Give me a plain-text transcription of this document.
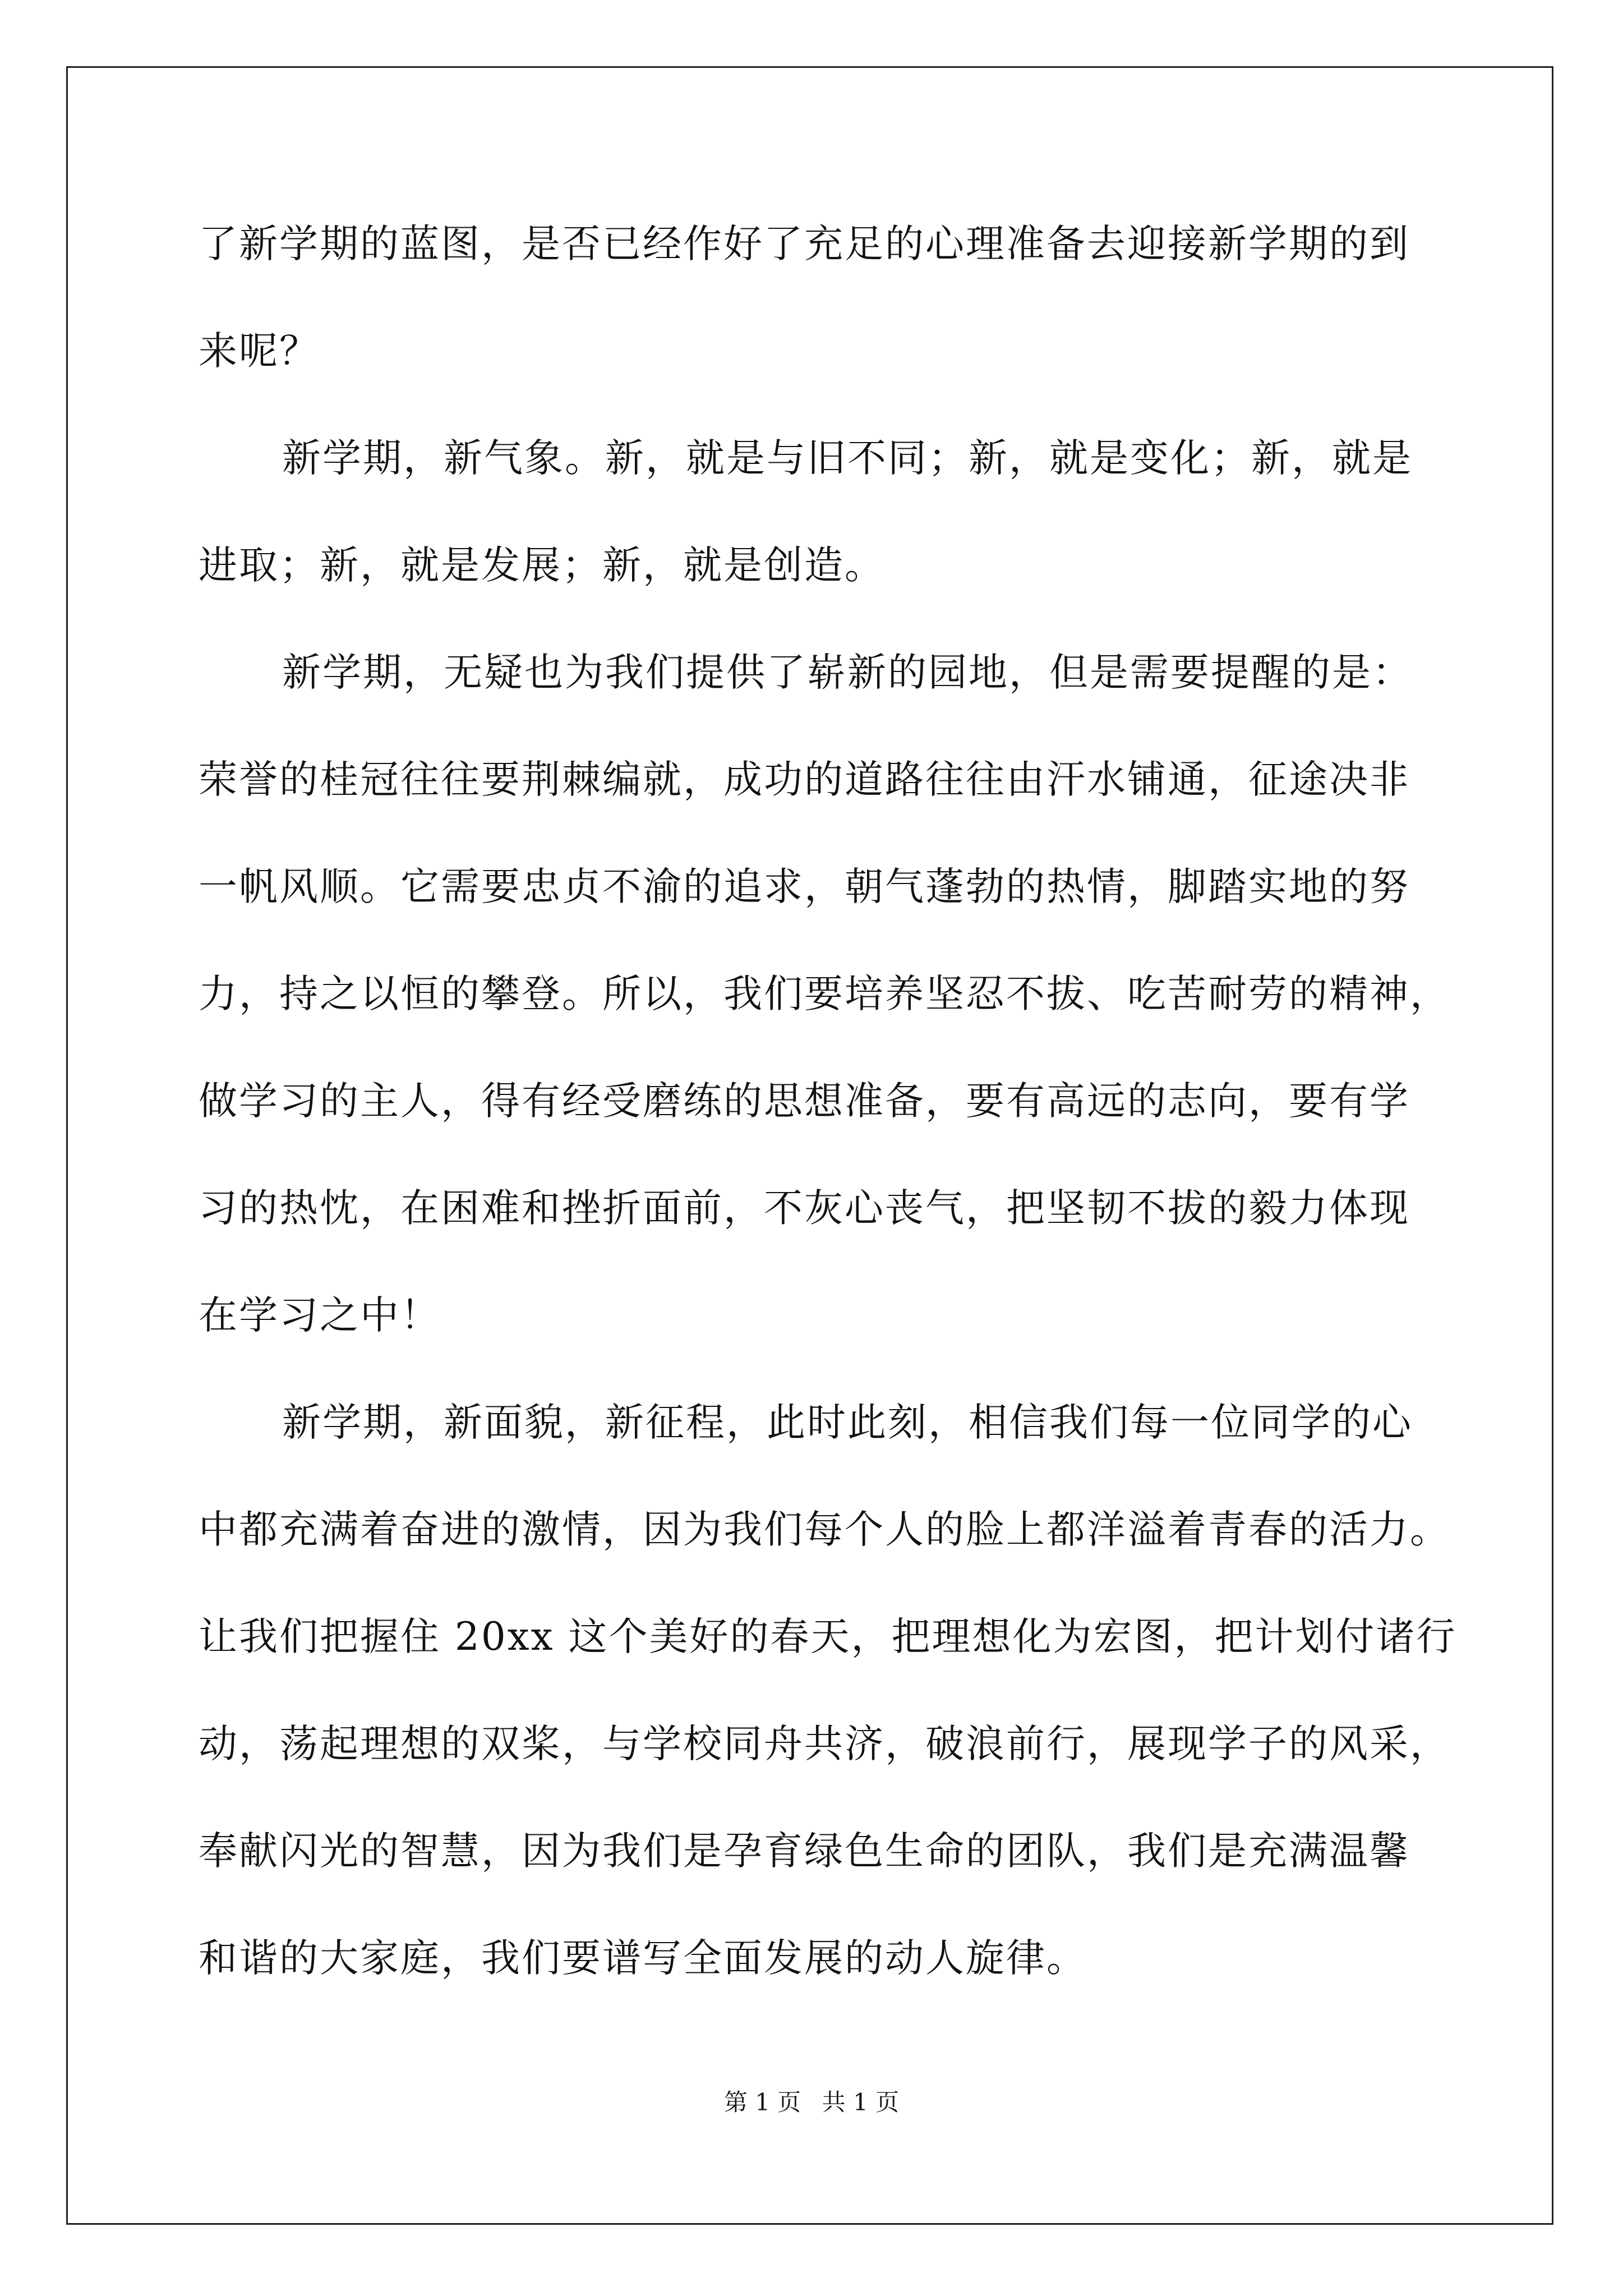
了新学期的蓝图，是否已经作好了充足的心理准备去迎接新学期的到
来呢？
新学期，新气象。新，就是与旧不同；新，就是变化；新，就是
进取；新，就是发展；新，就是创造。
新学期，无疑也为我们提供了崭新的园地，但是需要提醒的是：
荣誉的桂冠往往要荆棘编就，成功的道路往往由汗水铺通，征途决非
一帆风顺。它需要忠贞不渝的追求，朝气蓬勃的热情，脚踏实地的努
力，持之以恒的攀登。所以，我们要培养坚忍不拔、吃苦耐劳的精神，
做学习的主人，得有经受磨练的思想准备，要有高远的志向，要有学
习的热忱，在困难和挫折面前，不灰心丧气，把坚韧不拔的毅力体现
在学习之中！
新学期，新面貌，新征程，此时此刻，相信我们每一位同学的心
中都充满着奋进的激情，因为我们每个人的脸上都洋溢着青春的活力。
让我们把握住 20xx 这个美好的春天，把理想化为宏图，把计划付诸行
动，荡起理想的双桨，与学校同舟共济，破浪前行，展现学子的风采，
奉献闪光的智慧，因为我们是孕育绿色生命的团队，我们是充满温馨
和谐的大家庭，我们要谱写全面发展的动人旋律。
第 1 页 共 1 页
